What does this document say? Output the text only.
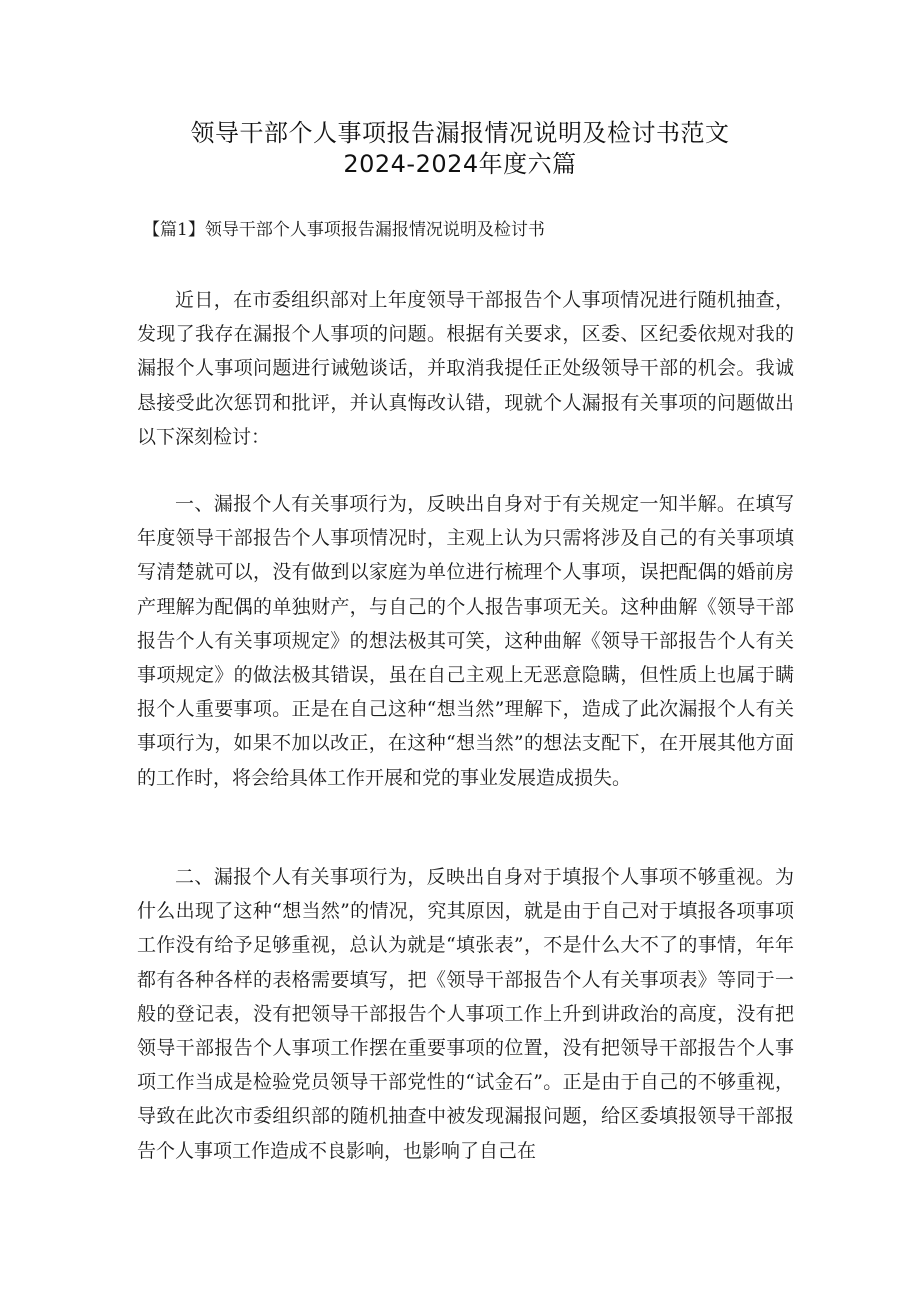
领导干部个人事项报告漏报情况说明及检讨书范文
2024-2024年度六篇
【篇1】领导干部个人事项报告漏报情况说明及检讨书

近日，在市委组织部对上年度领导干部报告个人事项情况进行随机抽查，发现了我存在漏报个人事项的问题。根据有关要求，区委、区纪委依规对我的漏报个人事项问题进行诫勉谈话，并取消我提任正处级领导干部的机会。我诚恳接受此次惩罚和批评，并认真悔改认错，现就个人漏报有关事项的问题做出以下深刻检讨：

一、漏报个人有关事项行为，反映出自身对于有关规定一知半解。在填写年度领导干部报告个人事项情况时，主观上认为只需将涉及自己的有关事项填写清楚就可以，没有做到以家庭为单位进行梳理个人事项，误把配偶的婚前房产理解为配偶的单独财产，与自己的个人报告事项无关。这种曲解《领导干部报告个人有关事项规定》的想法极其可笑，这种曲解《领导干部报告个人有关事项规定》的做法极其错误，虽在自己主观上无恶意隐瞒，但性质上也属于瞒报个人重要事项。正是在自己这种“想当然”理解下，造成了此次漏报个人有关事项行为，如果不加以改正，在这种“想当然”的想法支配下，在开展其他方面的工作时，将会给具体工作开展和党的事业发展造成损失。

二、漏报个人有关事项行为，反映出自身对于填报个人事项不够重视。为什么出现了这种“想当然”的情况，究其原因，就是由于自己对于填报各项事项工作没有给予足够重视，总认为就是“填张表”，不是什么大不了的事情，年年都有各种各样的表格需要填写，把《领导干部报告个人有关事项表》等同于一般的登记表，没有把领导干部报告个人事项工作上升到讲政治的高度，没有把领导干部报告个人事项工作摆在重要事项的位置，没有把领导干部报告个人事项工作当成是检验党员领导干部党性的“试金石”。正是由于自己的不够重视，导致在此次市委组织部的随机抽查中被发现漏报问题，给区委填报领导干部报告个人事项工作造成不良影响，也影响了自己在
